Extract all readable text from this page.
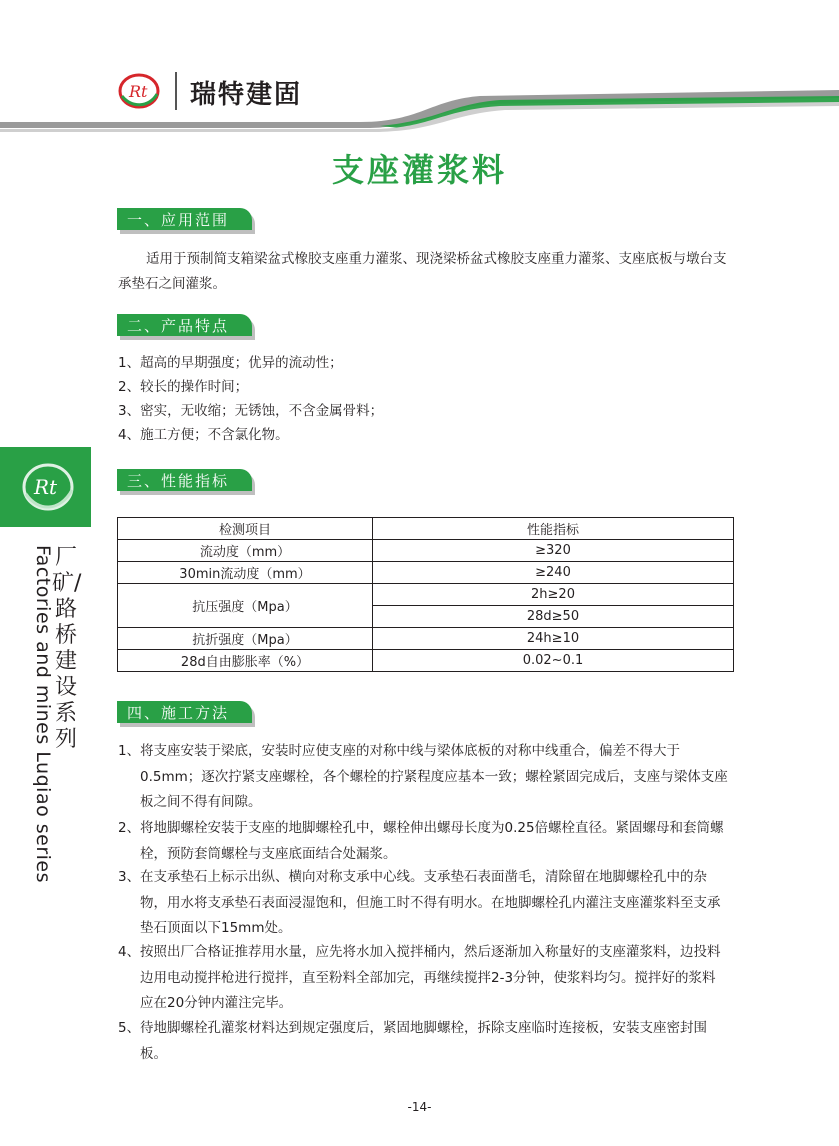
Rt 瑞特建固
支座灌浆料
一、应用范围
适用于预制简支箱梁盆式橡胶支座重力灌浆、现浇梁桥盆式橡胶支座重力灌浆、支座底板与墩台支承垫石之间灌浆。
二、产品特点
1、超高的早期强度；优异的流动性；
2、较长的操作时间；
3、密实，无收缩；无锈蚀，不含金属骨料；
4、施工方便；不含氯化物。
三、性能指标
检测项目	性能指标
流动度（mm）	≥320
30min流动度（mm）	≥240
抗压强度（Mpa）	2h≥20
	28d≥50
抗折强度（Mpa）	24h≥10
28d自由膨胀率（%）	0.02~0.1
四、施工方法
1、 将支座安装于梁底，安装时应使支座的对称中线与梁体底板的对称中线重合，偏差不得大于0.5mm；逐次拧紧支座螺栓，各个螺栓的拧紧程度应基本一致；螺栓紧固完成后，支座与梁体支座板之间不得有间隙。
2、 将地脚螺栓安装于支座的地脚螺栓孔中，螺栓伸出螺母长度为0.25倍螺栓直径。紧固螺母和套筒螺栓，预防套筒螺栓与支座底面结合处漏浆。
3、 在支承垫石上标示出纵、横向对称支承中心线。支承垫石表面凿毛，清除留在地脚螺栓孔中的杂物，用水将支承垫石表面浸湿饱和，但施工时不得有明水。在地脚螺栓孔内灌注支座灌浆料至支承垫石顶面以下15mm处。
4、 按照出厂合格证推荐用水量，应先将水加入搅拌桶内，然后逐渐加入称量好的支座灌浆料，边投料边用电动搅拌枪进行搅拌，直至粉料全部加完，再继续搅拌2-3分钟，使浆料均匀。搅拌好的浆料应在20分钟内灌注完毕。
5、 待地脚螺栓孔灌浆材料达到规定强度后，紧固地脚螺栓，拆除支座临时连接板，安装支座密封围板。
Rt
厂矿/路桥建设系列
Factories and mines Luqiao series
-14-
